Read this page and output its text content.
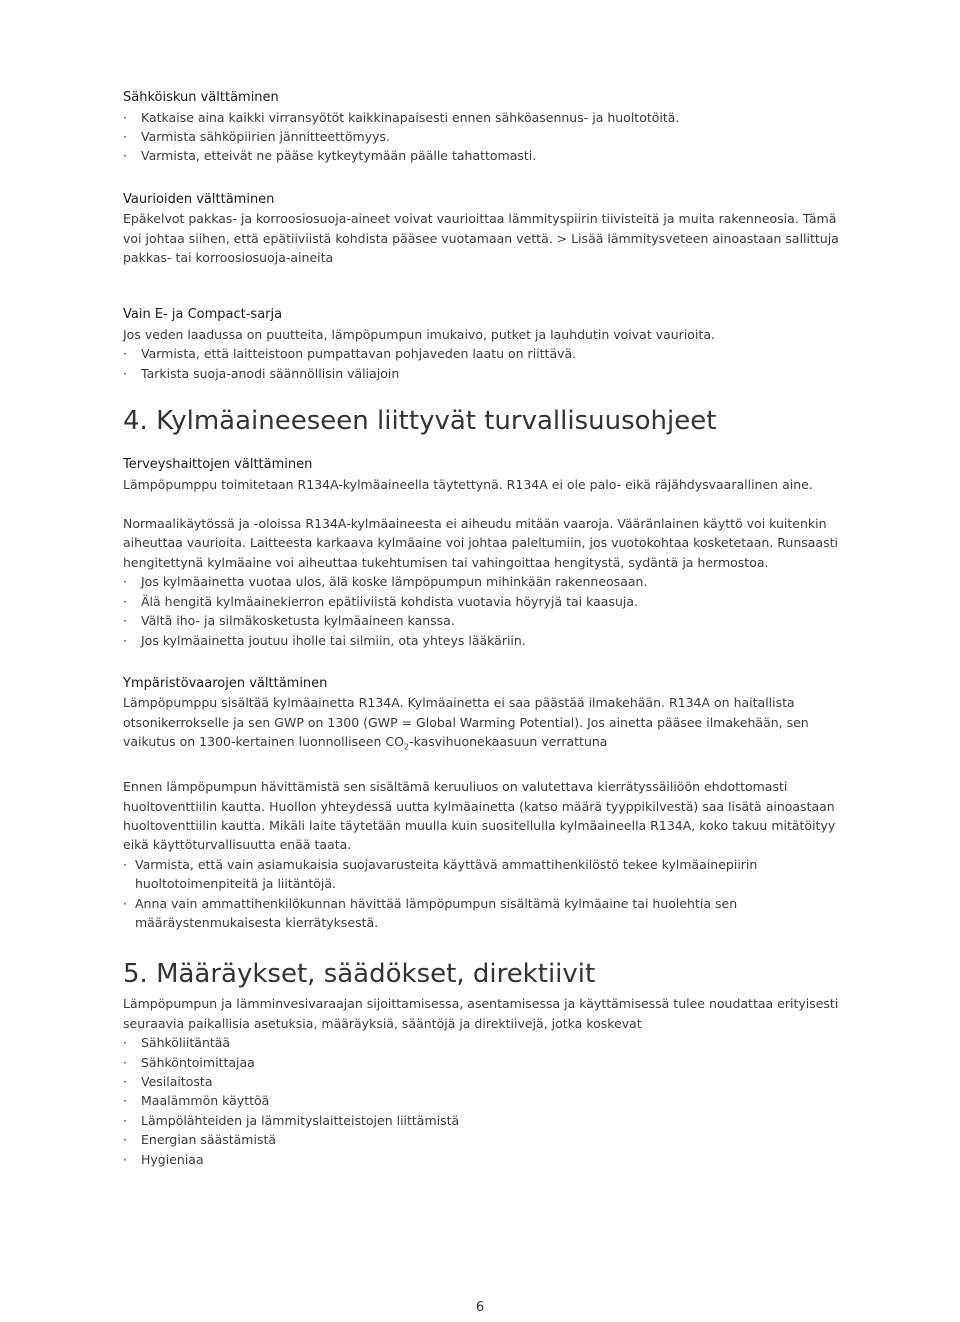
Sähköiskun välttäminen
· Katkaise aina kaikki virransyötöt kaikkinapaisesti ennen sähköasennus- ja huoltotöitä.
· Varmista sähköpiirien jännitteettömyys.
· Varmista, etteivät ne pääse kytkeytymään päälle tahattomasti.
Vaurioiden välttäminen

Epäkelvot pakkas- ja korroosiosuoja-aineet voivat vaurioittaa lämmityspiirin tiivisteitä ja muita rakenneosia. Tämä voi johtaa siihen, että epätiiviistä kohdista pääsee vuotamaan vettä. > Lisää lämmitysveteen ainoastaan sallittuja pakkas- tai korroosiosuoja-aineita

Vain E- ja Compact-sarja

Jos veden laadussa on puutteita, lämpöpumpun imukaivo, putket ja lauhdutin voivat vaurioita.

· Varmista, että laitteistoon pumpattavan pohjaveden laatu on riittävä.
· Tarkista suoja-anodi säännöllisin väliajoin
4. Kylmäaineeseen liittyvät turvallisuusohjeet
Terveyshaittojen välttäminen

Lämpöpumppu toimitetaan R134A-kylmäaineella täytettynä. R134A ei ole palo- eikä räjähdysvaarallinen aine.

Normaalikäytössä ja -oloissa R134A-kylmäaineesta ei aiheudu mitään vaaroja. Vääränlainen käyttö voi kuitenkin aiheuttaa vaurioita. Laitteesta karkaava kylmäaine voi johtaa paleltumiin, jos vuotokohtaa kosketetaan. Runsaasti hengitettynä kylmäaine voi aiheuttaa tukehtumisen tai vahingoittaa hengitystä, sydäntä ja hermostoa.

· Jos kylmäainetta vuotaa ulos, älä koske lämpöpumpun mihinkään rakenneosaan.
· Älä hengitä kylmäainekierron epätiiviistä kohdista vuotavia höyryjä tai kaasuja.
· Vältä iho- ja silmäkosketusta kylmäaineen kanssa.
· Jos kylmäainetta joutuu iholle tai silmiin, ota yhteys lääkäriin.
Ympäristövaarojen välttäminen

Lämpöpumppu sisältää kylmäainetta R134A. Kylmäainetta ei saa päästää ilmakehään. R134A on haitallista otsonikerrokselle ja sen GWP on 1300 (GWP = Global Warming Potential). Jos ainetta pääsee ilmakehään, sen vaikutus on 1300-kertainen luonnolliseen $CO_2$-kasvihuonekaasuun verrattuna

Ennen lämpöpumpun hävittämistä sen sisältämä keruuliuos on valutettava kierrätyssäiliöön ehdottomasti huoltoventtiilin kautta. Huollon yhteydessä uutta kylmäainetta (katso määrä tyyppikilvestä) saa lisätä ainoastaan huoltoventtiilin kautta. Mikäli laite täytetään muulla kuin suositellulla kylmäaineella R134A, koko takuu mitätöityy eikä käyttöturvallisuutta enää taata.

· Varmista, että vain asiamukaisia suojavarusteita käyttävä ammattihenkilöstö tekee kylmäainepiirin huoltotoimenpiteitä ja liitäntöjä.
· Anna vain ammattihenkilökunnan hävittää lämpöpumpun sisältämä kylmäaine tai huolehtia sen määräystenmukaisesta kierrätyksestä.
5. Määräykset, säädökset, direktiivit

Lämpöpumpun ja lämminvesivaraajan sijoittamisessa, asentamisessa ja käyttämisessä tulee noudattaa erityisesti seuraavia paikallisia asetuksia, määräyksiä, sääntöjä ja direktiivejä, jotka koskevat

· Sähköliitäntää
· Sähköntoimittajaa
· Vesilaitosta
· Maalämmön käyttöä
· Lämpölähteiden ja lämmityslaitteistojen liittämistä
· Energian säästämistä
· Hygieniaa
6
